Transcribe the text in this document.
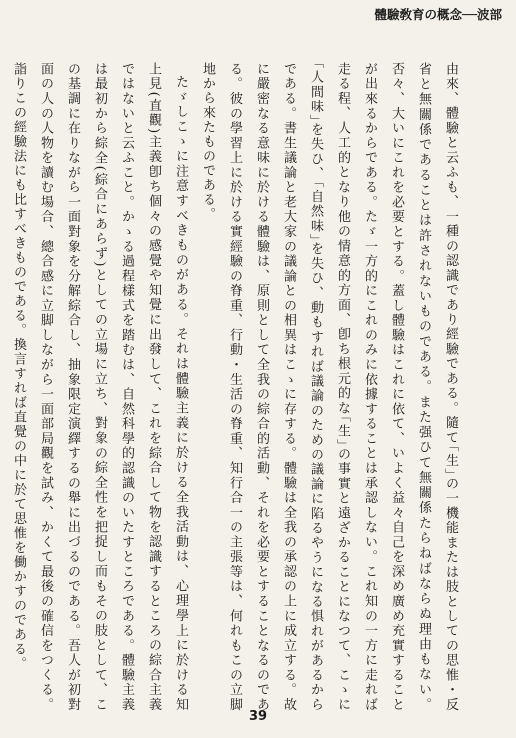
體驗敎育の概念──波部

由來、體驗と云ふも、一種の認識であり經驗である。隨て｢生｣の一機能または肢としての思惟・反省と無關係であることは許されないものである。また强ひて無關係たらねばならぬ理由もない。否々、大いにこれを必要とする。蓋し體驗はこれに依て、いよく益々自己を深め廣め充實することが出來るからである。たゞ一方的にこれのみに依據することは承認しない。これ知の一方に走れば走る程、人工的となり他の情意的方面、卽ち根元的な｢生｣の事實と遠ざかることになつて、こゝに｢人間味｣を失ひ、｢自然味｣を失ひ、動もすれば議論のための議論に陷るやうになる惧れがあるからである。書生議論と老大家の議論との相異はこゝに存する。體驗は全我の承認の上に成立する。故に嚴密なる意味に於ける體驗は、原則として全我の綜合的活動、それを必要とすることなるのである。彼の學習上に於ける實經驗の脊重、行動・生活の脊重、知行合一の主張等は、何れもこの立脚地から來たものである。

たゞしこゝに注意すべきものがある。それは體驗主義に於ける全我活動は、心理學上に於ける知上見(直觀)主義卽ち個々の感覺や知覺に出發して、これを綜合して物を認識するところの綜合主義ではないと云ふこと。かゝる過程樣式を踏むは、自然科學的認識のいたすところである。體驗主義は最初から綜全(綜合にあらず)としての立場に立ち、對象の綜全性を把捉し而もその肢として、この基調に在りながら一面對象を分解綜合し、抽象限定演繹するの舉に出づるのである。吾人が初對面の人の人物を讀む場合、總合感に立脚しながら一面部局觀を試み、かくて最後の確信をつくる。詣りこの經驗法にも比すべきものである。換言すれば直覺の中に於て思惟を働かすのである。

39
